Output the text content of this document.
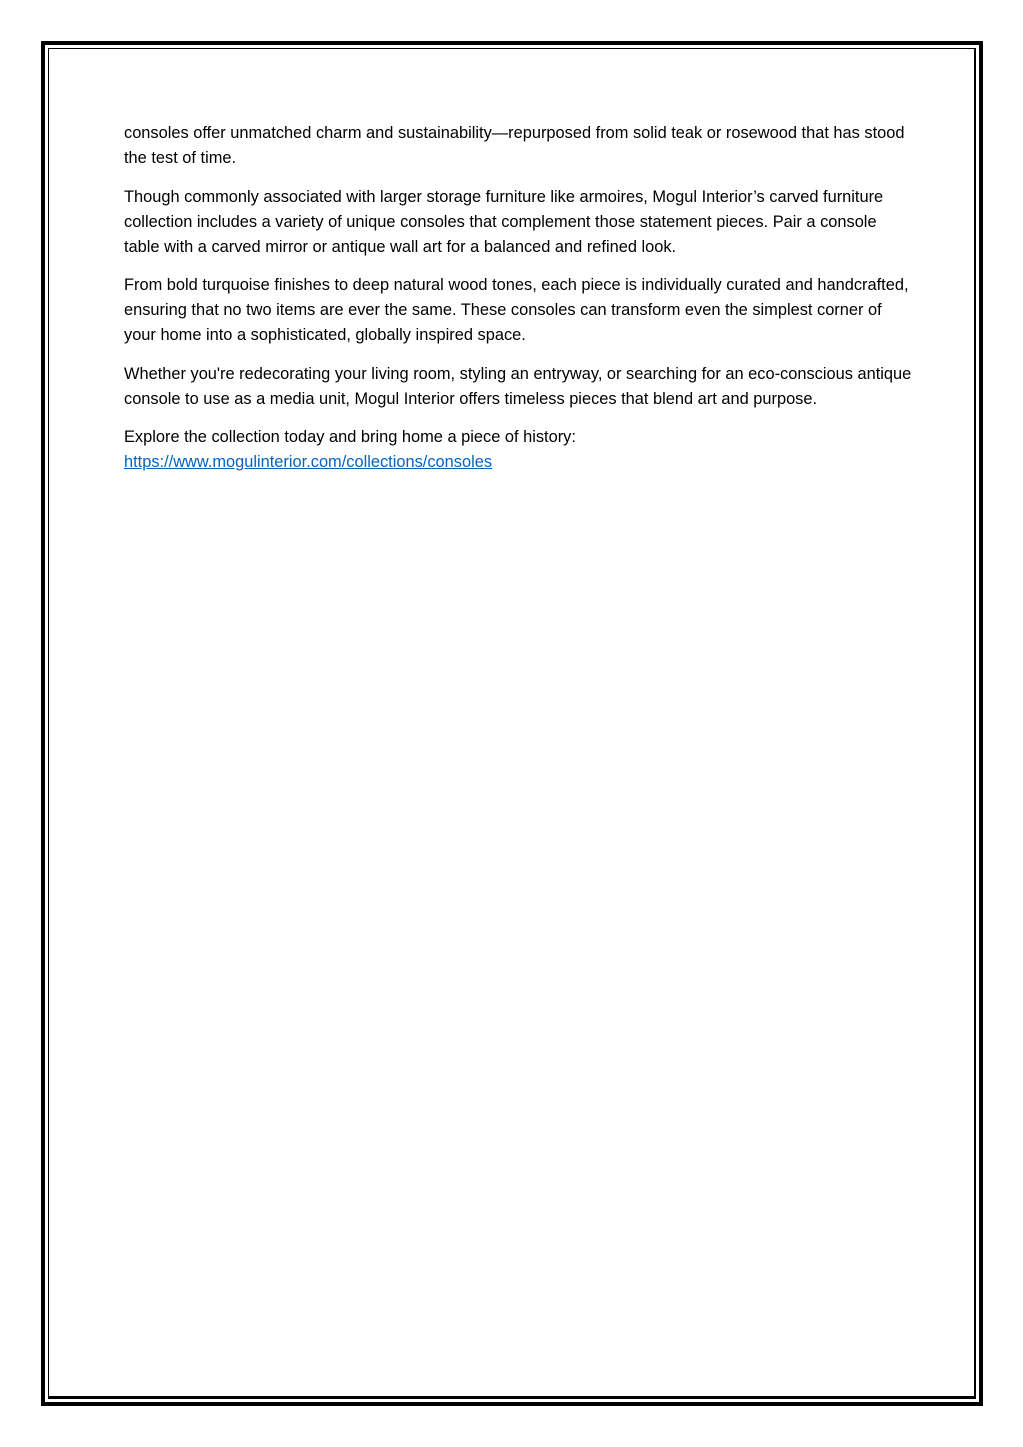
consoles offer unmatched charm and sustainability—repurposed from solid teak or rosewood that has stood the test of time.

Though commonly associated with larger storage furniture like armoires, Mogul Interior’s carved furniture collection includes a variety of unique consoles that complement those statement pieces. Pair a console table with a carved mirror or antique wall art for a balanced and refined look.

From bold turquoise finishes to deep natural wood tones, each piece is individually curated and handcrafted, ensuring that no two items are ever the same. These consoles can transform even the simplest corner of your home into a sophisticated, globally inspired space.

Whether you're redecorating your living room, styling an entryway, or searching for an eco-conscious antique console to use as a media unit, Mogul Interior offers timeless pieces that blend art and purpose.

Explore the collection today and bring home a piece of history:
https://www.mogulinterior.com/collections/consoles
